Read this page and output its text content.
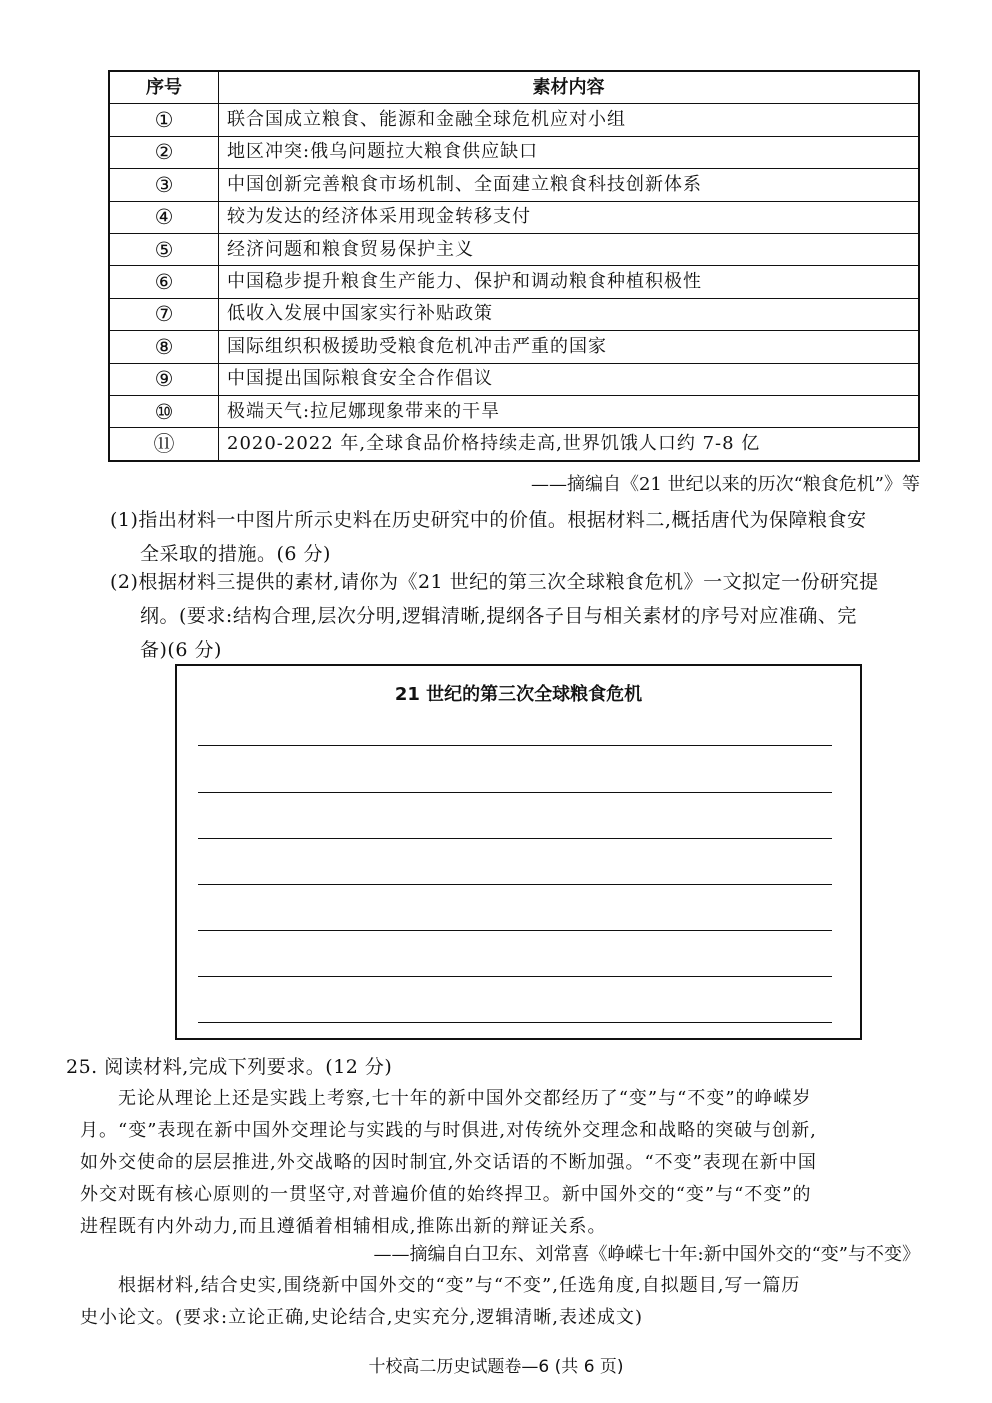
序号	素材内容
①	联合国成立粮食、能源和金融全球危机应对小组
②	地区冲突:俄乌问题拉大粮食供应缺口
③	中国创新完善粮食市场机制、全面建立粮食科技创新体系
④	较为发达的经济体采用现金转移支付
⑤	经济问题和粮食贸易保护主义
⑥	中国稳步提升粮食生产能力、保护和调动粮食种植积极性
⑦	低收入发展中国家实行补贴政策
⑧	国际组织积极援助受粮食危机冲击严重的国家
⑨	中国提出国际粮食安全合作倡议
⑩	极端天气:拉尼娜现象带来的干旱
⑪	2020-2022 年,全球食品价格持续走高,世界饥饿人口约 7-8 亿
——摘编自《21 世纪以来的历次“粮食危机”》等
(1)指出材料一中图片所示史料在历史研究中的价值。根据材料二,概括唐代为保障粮食安
全采取的措施。(6 分)
(2)根据材料三提供的素材,请你为《21 世纪的第三次全球粮食危机》一文拟定一份研究提
纲。(要求:结构合理,层次分明,逻辑清晰,提纲各子目与相关素材的序号对应准确、完
备)(6 分)
21 世纪的第三次全球粮食危机
25. 阅读材料,完成下列要求。(12 分)
无论从理论上还是实践上考察,七十年的新中国外交都经历了“变”与“不变”的峥嵘岁
月。“变”表现在新中国外交理论与实践的与时俱进,对传统外交理念和战略的突破与创新,
如外交使命的层层推进,外交战略的因时制宜,外交话语的不断加强。“不变”表现在新中国
外交对既有核心原则的一贯坚守,对普遍价值的始终捍卫。新中国外交的“变”与“不变”的
进程既有内外动力,而且遵循着相辅相成,推陈出新的辩证关系。
——摘编自白卫东、刘常喜《峥嵘七十年:新中国外交的“变”与不变》
根据材料,结合史实,围绕新中国外交的“变”与“不变”,任选角度,自拟题目,写一篇历
史小论文。(要求:立论正确,史论结合,史实充分,逻辑清晰,表述成文)
十校高二历史试题卷—6 (共 6 页)
